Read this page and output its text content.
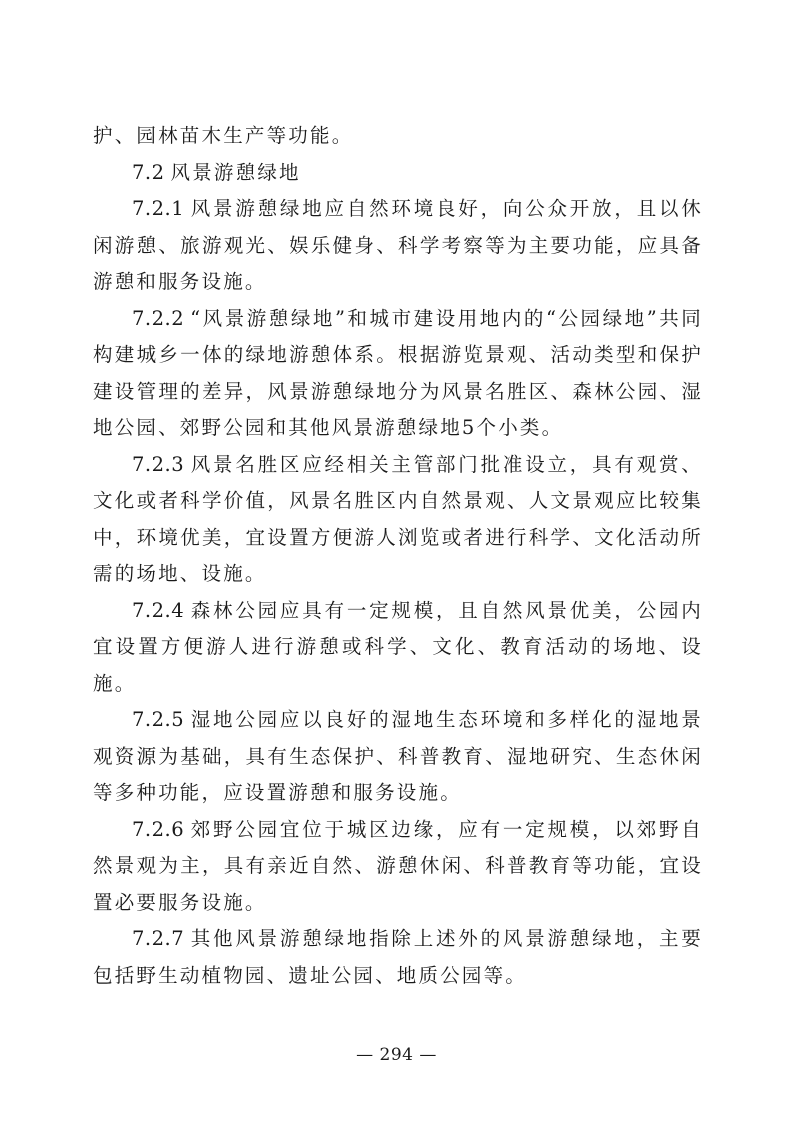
护、园林苗木生产等功能。

7.2 风景游憩绿地

7.2.1 风景游憩绿地应自然环境良好，向公众开放，且以休闲游憩、旅游观光、娱乐健身、科学考察等为主要功能，应具备游憩和服务设施。

7.2.2 “风景游憩绿地”和城市建设用地内的“公园绿地”共同构建城乡一体的绿地游憩体系。根据游览景观、活动类型和保护建设管理的差异，风景游憩绿地分为风景名胜区、森林公园、湿地公园、郊野公园和其他风景游憩绿地5个小类。

7.2.3 风景名胜区应经相关主管部门批准设立，具有观赏、文化或者科学价值，风景名胜区内自然景观、人文景观应比较集中，环境优美，宜设置方便游人浏览或者进行科学、文化活动所需的场地、设施。

7.2.4 森林公园应具有一定规模，且自然风景优美，公园内宜设置方便游人进行游憩或科学、文化、教育活动的场地、设施。

7.2.5 湿地公园应以良好的湿地生态环境和多样化的湿地景观资源为基础，具有生态保护、科普教育、湿地研究、生态休闲等多种功能，应设置游憩和服务设施。

7.2.6 郊野公园宜位于城区边缘，应有一定规模，以郊野自然景观为主，具有亲近自然、游憩休闲、科普教育等功能，宜设置必要服务设施。

7.2.7 其他风景游憩绿地指除上述外的风景游憩绿地，主要包括野生动植物园、遗址公园、地质公园等。

— 294 —
